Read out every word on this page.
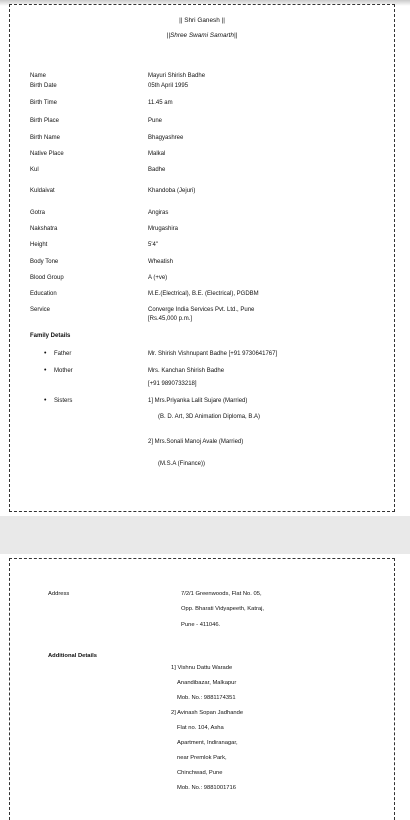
|| Shri Ganesh ||
||Shree Swami Samarth||
Name	Mayuri Shirish Badhe
Birth Date	05th April 1995
Birth Time	11.45 am
Birth Place	Pune
Birth Name	Bhagyashree
Native Place	Malkal
Kul	Badhe
Kuldaivat	Khandoba (Jejuri)
Gotra	Angiras
Nakshatra	Mrugashira
Height	5'4"
Body Tone	Wheatish
Blood Group	A (+ve)
Education	M.E.(Electrical), B.E. (Electrical), PGDBM
Service	Converge India Services Pvt. Ltd., Pune
[Rs.45,000 p.m.]
Family Details
• Father	Mr. Shirish Vishnupant Badhe [+91 9730641767]
• Mother	Mrs. Kanchan Shirish Badhe
[+91 9890733218]
• Sisters	1] Mrs.Priyanka Lalit Sujare (Married)
(B. D. Art, 3D Animation Diploma, B.A)
2] Mrs.Sonali Manoj Avale (Married)
(M.S.A (Finance))
Address	7/2/1 Greenwoods, Flat No. 05,
Opp. Bharati Vidyapeeth, Katraj,
Pune - 411046.
Additional Details
1] Vishnu Dattu Warade
Anandibazar, Malkapur
Mob. No.: 9881174351
2] Avinash Sopan Jadhande
Flat no. 104, Asha
Apartment, Indiranagar,
near Premlok Park,
Chinchwad, Pune
Mob. No.: 9881001716
